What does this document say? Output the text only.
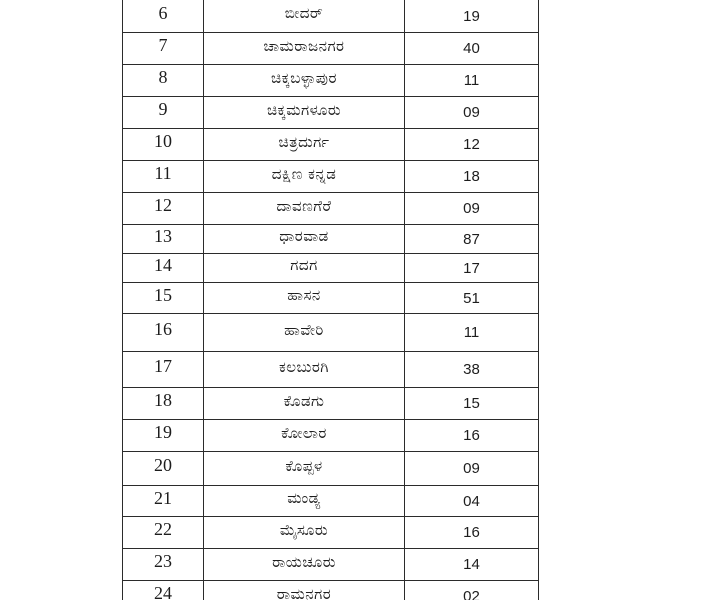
6	ಬೀದರ್	19
7	ಚಾಮರಾಜನಗರ	40
8	ಚಿಕ್ಕಬಳ್ಳಾಪುರ	11
9	ಚಿಕ್ಕಮಗಳೂರು	09
10	ಚಿತ್ರದುರ್ಗ	12
11	ದಕ್ಷಿಣ ಕನ್ನಡ	18
12	ದಾವಣಗೆರೆ	09
13	ಧಾರವಾಡ	87
14	ಗದಗ	17
15	ಹಾಸನ	51
16	ಹಾವೇರಿ	11
17	ಕಲಬುರಗಿ	38
18	ಕೊಡಗು	15
19	ಕೋಲಾರ	16
20	ಕೊಪ್ಪಳ	09
21	ಮಂಡ್ಯ	04
22	ಮೈಸೂರು	16
23	ರಾಯಚೂರು	14
24	ರಾಮನಗರ	02
